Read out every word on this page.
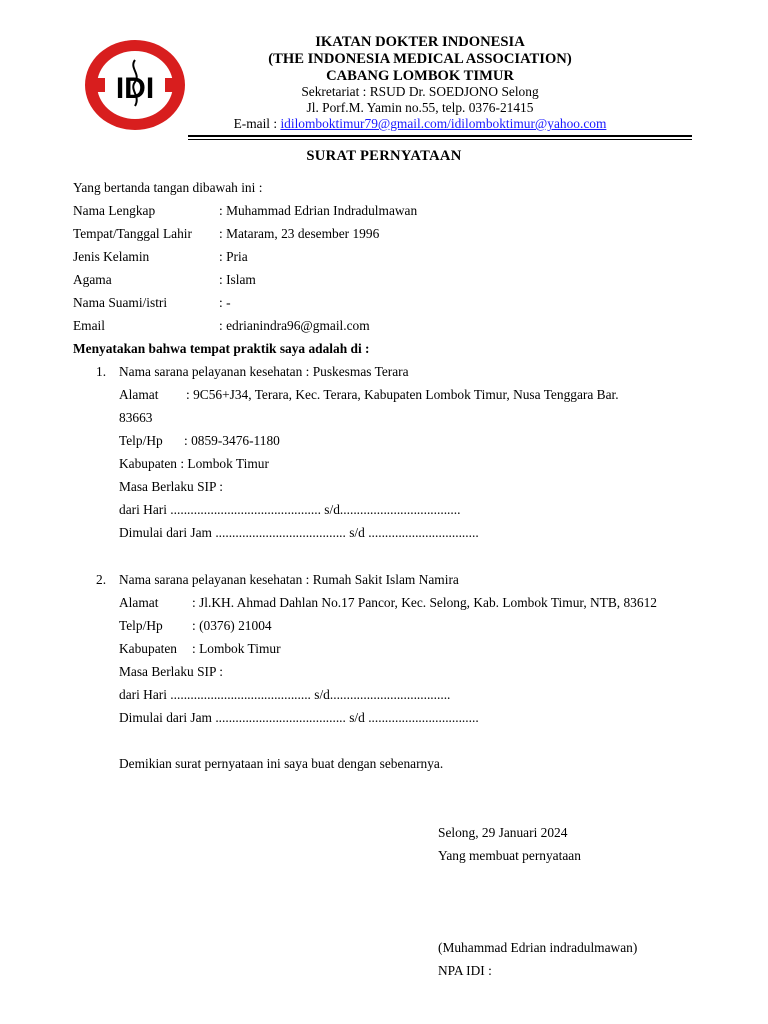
IDI
IKATAN DOKTER INDONESIA
(THE INDONESIA MEDICAL ASSOCIATION)
CABANG LOMBOK TIMUR
Sekretariat : RSUD Dr. SOEDJONO Selong
Jl. Porf.M. Yamin no.55, telp. 0376-21415
E-mail : idilomboktimur79@gmail.com/idilomboktimur@yahoo.com
SURAT PERNYATAAN
Yang bertanda tangan dibawah ini :
Nama Lengkap	: Muhammad Edrian Indradulmawan
Tempat/Tanggal Lahir : Mataram, 23 desember 1996
Jenis Kelamin	: Pria
Agama	: Islam
Nama Suami/istri	: -
Email	: edrianindra96@gmail.com
Menyatakan bahwa tempat praktik saya adalah di :
1. Nama sarana pelayanan kesehatan : Puskesmas Terara
Alamat : 9C56+J34, Terara, Kec. Terara, Kabupaten Lombok Timur, Nusa Tenggara Bar.
83663
Telp/Hp : 0859-3476-1180
Kabupaten : Lombok Timur
Masa Berlaku SIP :
dari Hari ............................................. s/d....................................
Dimulai dari Jam ....................................... s/d .................................
2. Nama sarana pelayanan kesehatan : Rumah Sakit Islam Namira
Alamat	: Jl.KH. Ahmad Dahlan No.17 Pancor, Kec. Selong, Kab. Lombok Timur, NTB, 83612
Telp/Hp : (0376) 21004
Kabupaten : Lombok Timur
Masa Berlaku SIP :
dari Hari .......................................... s/d....................................
Dimulai dari Jam ....................................... s/d .................................
Demikian surat pernyataan ini saya buat dengan sebenarnya.
Selong, 29 Januari 2024
Yang membuat pernyataan
(Muhammad Edrian indradulmawan)
NPA IDI :
